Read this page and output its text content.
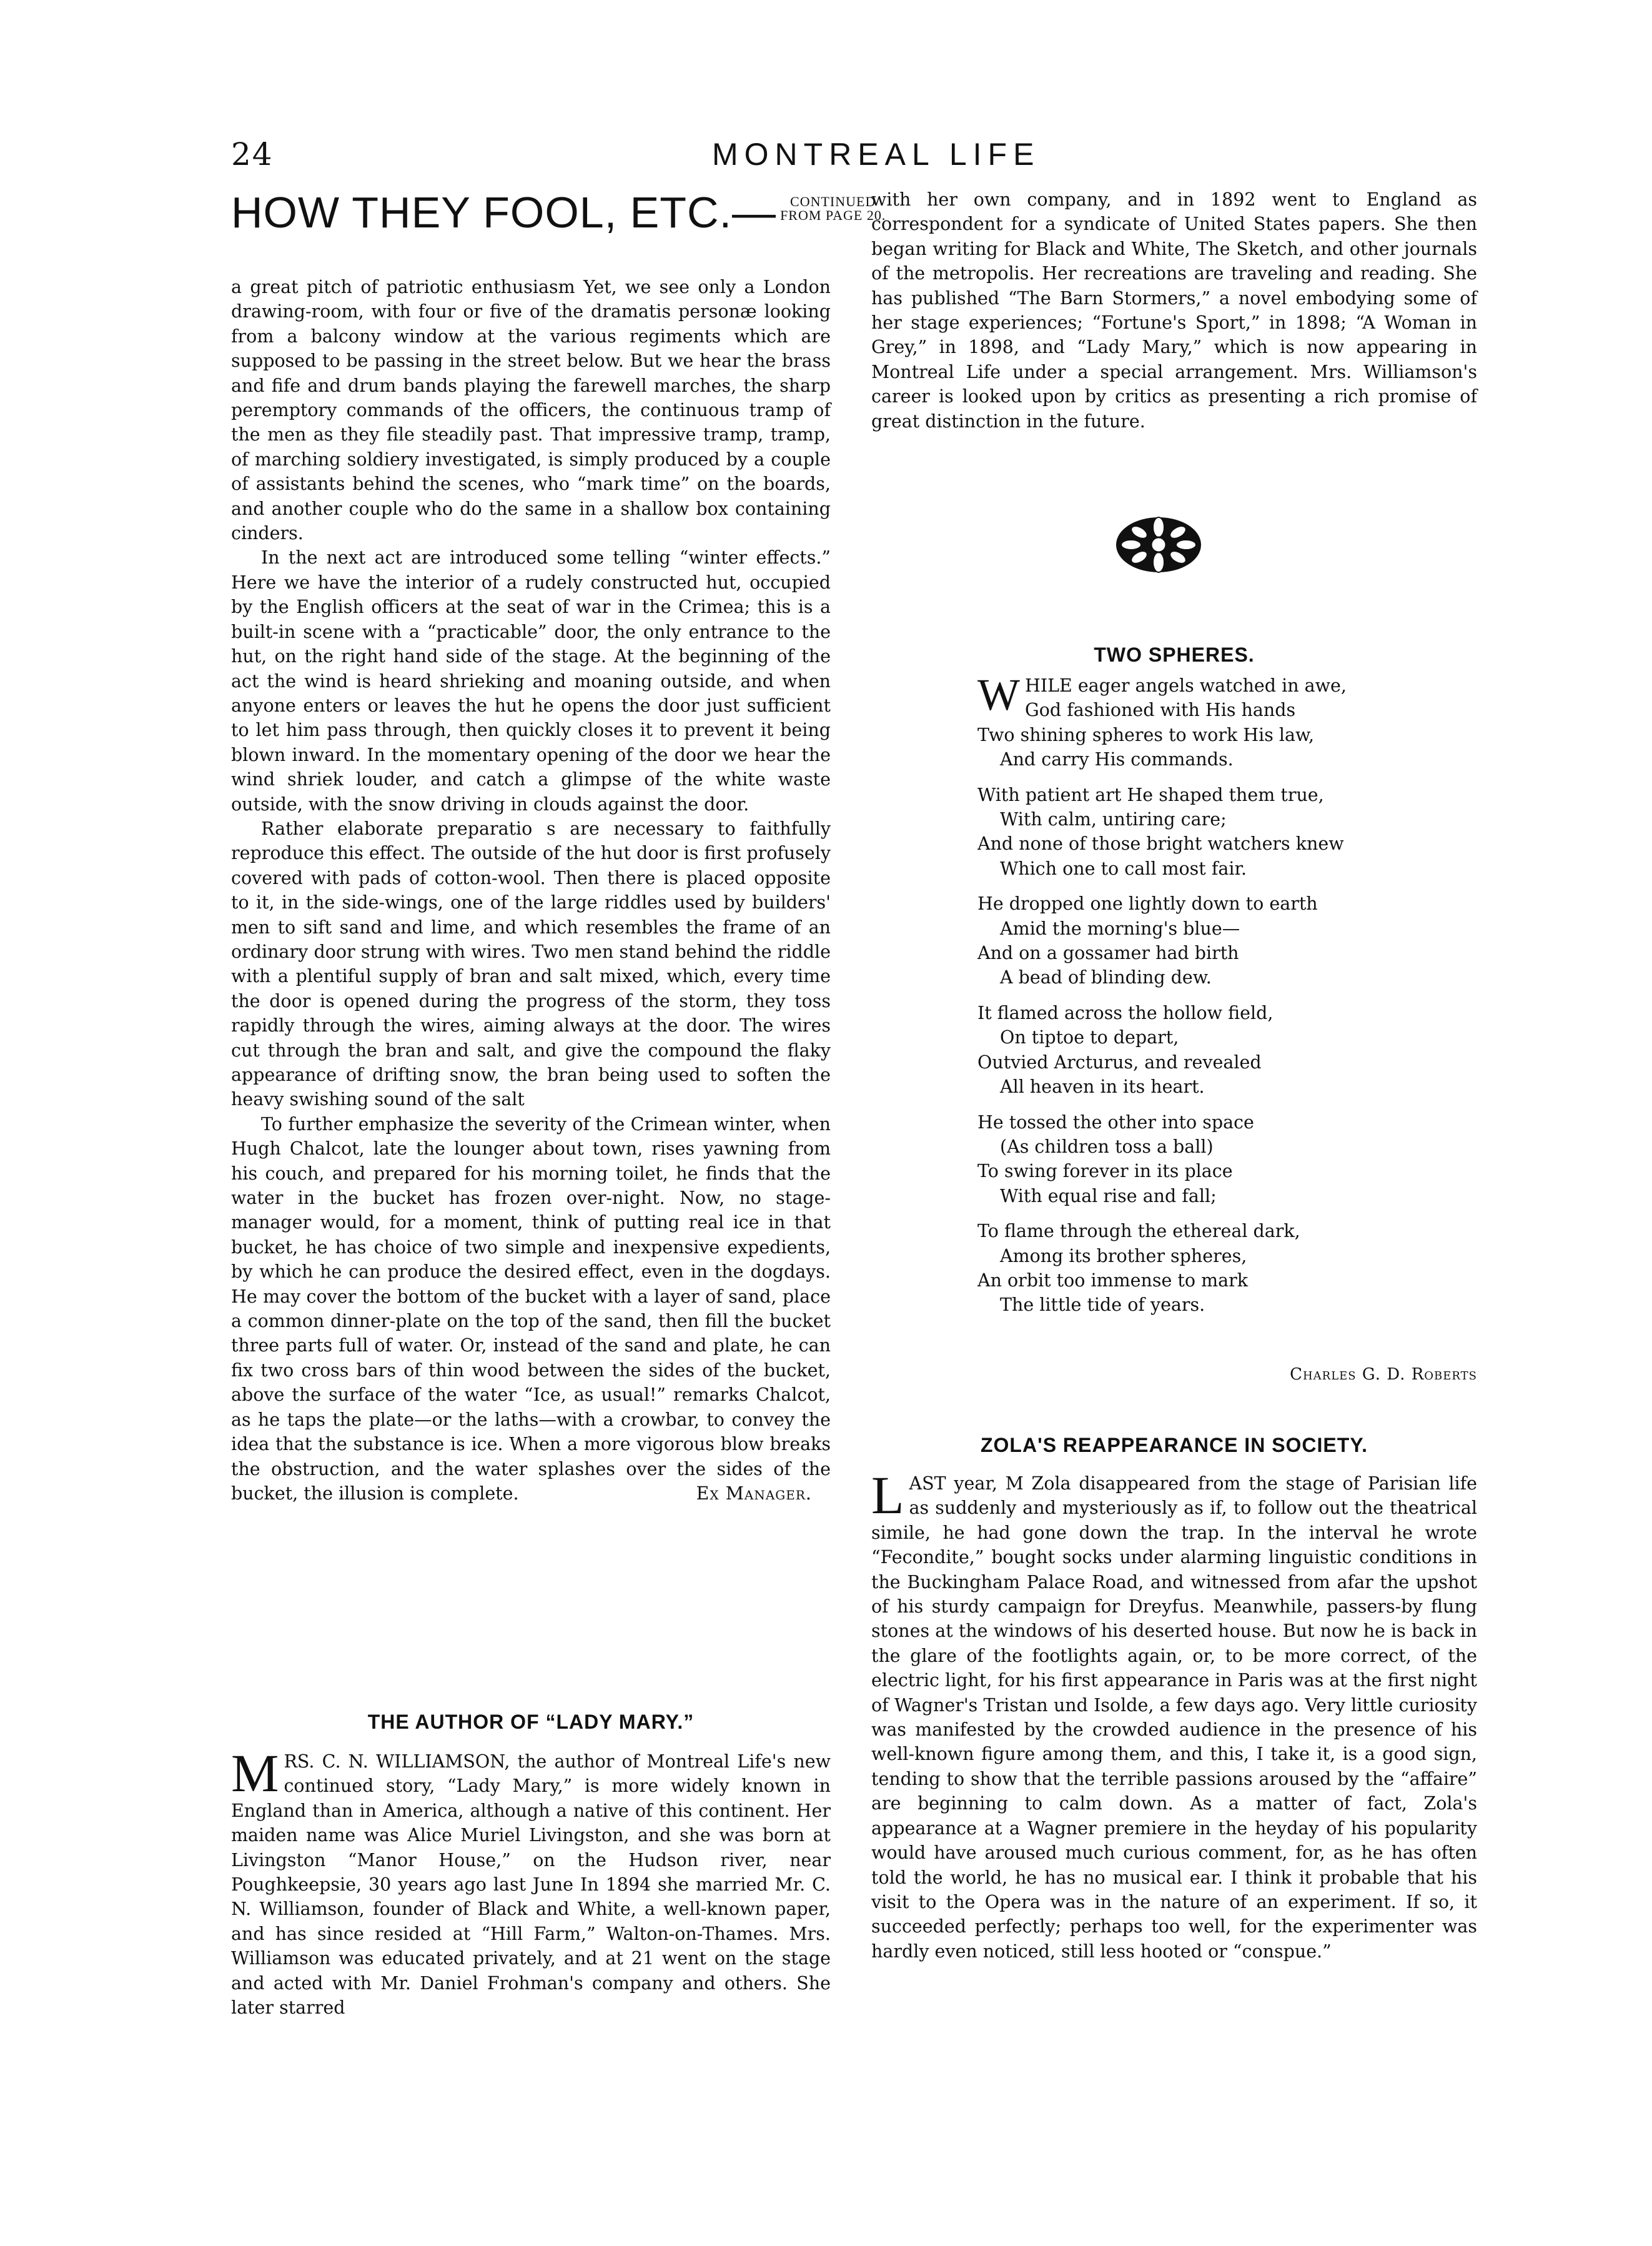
24	MONTREAL LIFE
HOW THEY FOOL, ETC.— CONTINUED
FROM PAGE 20.

a great pitch of patriotic enthusiasm Yet, we see only a London drawing-room, with four or five of the dramatis personæ looking from a balcony window at the various regiments which are supposed to be passing in the street below. But we hear the brass and fife and drum bands playing the farewell marches, the sharp peremptory commands of the officers, the continuous tramp of the men as they file steadily past. That impressive tramp, tramp, of marching soldiery investigated, is simply produced by a couple of assistants behind the scenes, who “mark time” on the boards, and another couple who do the same in a shallow box containing cinders.

In the next act are introduced some telling “winter effects.” Here we have the interior of a rudely constructed hut, occupied by the English officers at the seat of war in the Crimea; this is a built-in scene with a “practicable” door, the only entrance to the hut, on the right hand side of the stage. At the beginning of the act the wind is heard shrieking and moaning outside, and when anyone enters or leaves the hut he opens the door just sufficient to let him pass through, then quickly closes it to prevent it being blown inward. In the momentary opening of the door we hear the wind shriek louder, and catch a glimpse of the white waste outside, with the snow driving in clouds against the door.

Rather elaborate preparatio s are necessary to faithfully reproduce this effect. The outside of the hut door is first profusely covered with pads of cotton-wool. Then there is placed opposite to it, in the side-wings, one of the large riddles used by builders' men to sift sand and lime, and which resembles the frame of an ordinary door strung with wires. Two men stand behind the riddle with a plentiful supply of bran and salt mixed, which, every time the door is opened during the progress of the storm, they toss rapidly through the wires, aiming always at the door. The wires cut through the bran and salt, and give the compound the flaky appearance of drifting snow, the bran being used to soften the heavy swishing sound of the salt

To further emphasize the severity of the Crimean winter, when Hugh Chalcot, late the lounger about town, rises yawning from his couch, and prepared for his morning toilet, he finds that the water in the bucket has frozen over-night. Now, no stage-manager would, for a moment, think of putting real ice in that bucket, he has choice of two simple and inexpensive expedients, by which he can produce the desired effect, even in the dogdays. He may cover the bottom of the bucket with a layer of sand, place a common dinner-plate on the top of the sand, then fill the bucket three parts full of water. Or, instead of the sand and plate, he can fix two cross bars of thin wood between the sides of the bucket, above the surface of the water “Ice, as usual!” remarks Chalcot, as he taps the plate—or the laths—with a crowbar, to convey the idea that the substance is ice. When a more vigorous blow breaks the obstruction, and the water splashes over the sides of the bucket, the illusion is complete.	Ex Manager.
THE AUTHOR OF “LADY MARY.”
M RS. C. N. WILLIAMSON, the author of Montreal Life's new continued story, “Lady Mary,” is more widely known in England than in America, although a native of this continent. Her maiden name was Alice Muriel Livingston, and she was born at Livingston “Manor House,” on the Hudson river, near Poughkeepsie, 30 years ago last June In 1894 she married Mr. C. N. Williamson, founder of Black and White, a well-known paper, and has since resided at “Hill Farm,” Walton-on-Thames. Mrs. Williamson was educated privately, and at 21 went on the stage and acted with Mr. Daniel Frohman's company and others. She later starred

with her own company, and in 1892 went to England as correspondent for a syndicate of United States papers. She then began writing for Black and White, The Sketch, and other journals of the metropolis. Her recreations are traveling and reading. She has published “The Barn Stormers,” a novel embodying some of her stage experiences; “Fortune's Sport,” in 1898; “A Woman in Grey,” in 1898, and “Lady Mary,” which is now appearing in Montreal Life under a special arrangement. Mrs. Williamson's career is looked upon by critics as presenting a rich promise of great distinction in the future.

TWO SPHERES.
W HILE eager angels watched in awe,
God fashioned with His hands
Two shining spheres to work His law,
And carry His commands.
With patient art He shaped them true,
With calm, untiring care;
And none of those bright watchers knew
Which one to call most fair.
He dropped one lightly down to earth
Amid the morning's blue—
And on a gossamer had birth
A bead of blinding dew.
It flamed across the hollow field,
On tiptoe to depart,
Outvied Arcturus, and revealed
All heaven in its heart.
He tossed the other into space
(As children toss a ball)
To swing forever in its place
With equal rise and fall;
To flame through the ethereal dark,
Among its brother spheres,
An orbit too immense to mark
The little tide of years.
Charles G. D. Roberts
ZOLA'S REAPPEARANCE IN SOCIETY.
L AST year, M Zola disappeared from the stage of Parisian life as suddenly and mysteriously as if, to follow out the theatrical simile, he had gone down the trap. In the interval he wrote “Fecondite,” bought socks under alarming linguistic conditions in the Buckingham Palace Road, and witnessed from afar the upshot of his sturdy campaign for Dreyfus. Meanwhile, passers-by flung stones at the windows of his deserted house. But now he is back in the glare of the footlights again, or, to be more correct, of the electric light, for his first appearance in Paris was at the first night of Wagner's Tristan und Isolde, a few days ago. Very little curiosity was manifested by the crowded audience in the presence of his well-known figure among them, and this, I take it, is a good sign, tending to show that the terrible passions aroused by the “affaire” are beginning to calm down. As a matter of fact, Zola's appearance at a Wagner premiere in the heyday of his popularity would have aroused much curious comment, for, as he has often told the world, he has no musical ear. I think it probable that his visit to the Opera was in the nature of an experiment. If so, it succeeded perfectly; perhaps too well, for the experimenter was hardly even noticed, still less hooted or “conspue.”
